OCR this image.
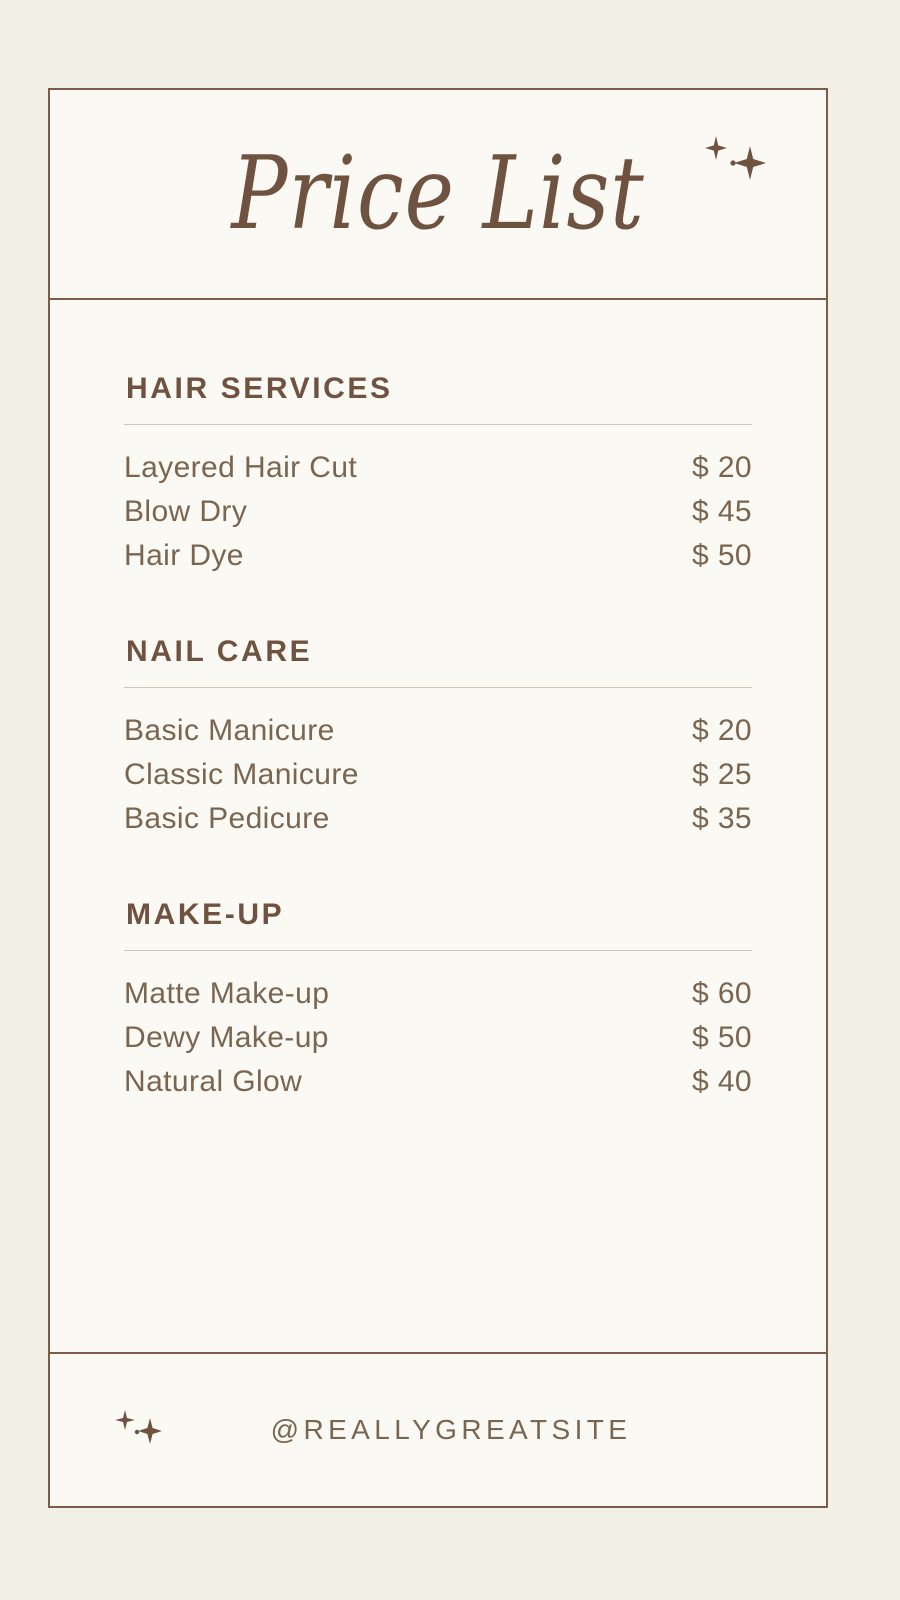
Price List
HAIR SERVICES
Layered Hair Cut	$ 20
Blow Dry	$ 45
Hair Dye	$ 50
NAIL CARE
Basic Manicure	$ 20
Classic Manicure	$ 25
Basic Pedicure	$ 35
MAKE-UP
Matte Make-up	$ 60
Dewy Make-up	$ 50
Natural Glow	$ 40
@REALLYGREATSITE
